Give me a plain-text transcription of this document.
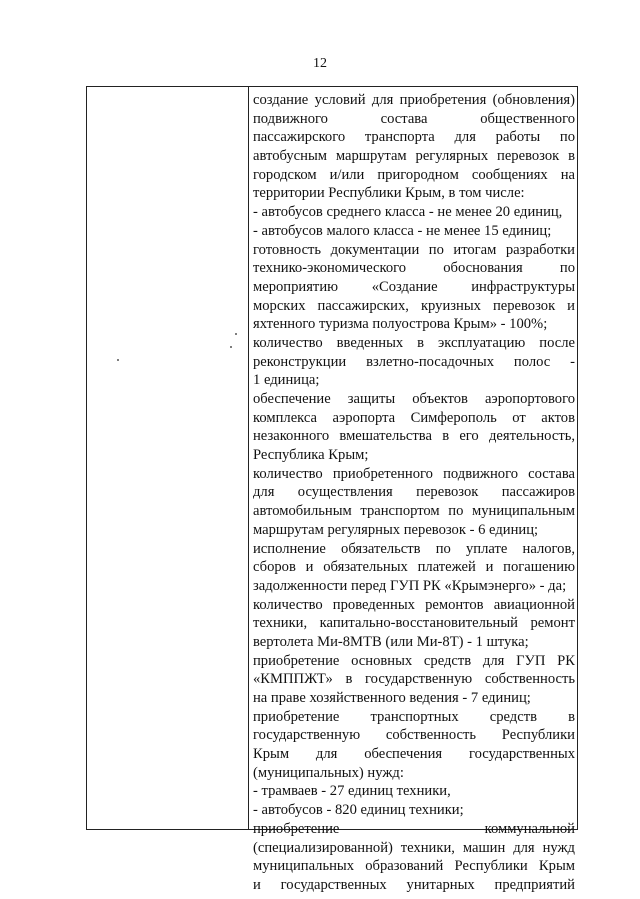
12
создание условий для приобретения (обновления)
подвижного состава общественного
пассажирского транспорта для работы по
автобусным маршрутам регулярных перевозок в
городском и/или пригородном сообщениях на
территории Республики Крым, в том числе:
- автобусов среднего класса - не менее 20 единиц,
- автобусов малого класса - не менее 15 единиц;
готовность документации по итогам разработки
технико-экономического обоснования по
мероприятию «Создание инфраструктуры
морских пассажирских, круизных перевозок и
яхтенного туризма полуострова Крым» - 100%;
количество введенных в эксплуатацию после
реконструкции взлетно-посадочных полос -
1 единица;
обеспечение защиты объектов аэропортового
комплекса аэропорта Симферополь от актов
незаконного вмешательства в его деятельность,
Республика Крым;
количество приобретенного подвижного состава
для осуществления перевозок пассажиров
автомобильным транспортом по муниципальным
маршрутам регулярных перевозок - 6 единиц;
исполнение обязательств по уплате налогов,
сборов и обязательных платежей и погашению
задолженности перед ГУП РК «Крымэнерго» - да;
количество проведенных ремонтов авиационной
техники, капитально-восстановительный ремонт
вертолета Ми-8МТВ (или Ми-8Т) - 1 штука;
приобретение основных средств для ГУП РК
«КМППЖТ» в государственную собственность
на праве хозяйственного ведения - 7 единиц;
приобретение транспортных средств в
государственную собственность Республики
Крым для обеспечения государственных
(муниципальных) нужд:
- трамваев - 27 единиц техники,
- автобусов - 820 единиц техники;
приобретение коммунальной
(специализированной) техники, машин для нужд
муниципальных образований Республики Крым
и государственных унитарных предприятий
